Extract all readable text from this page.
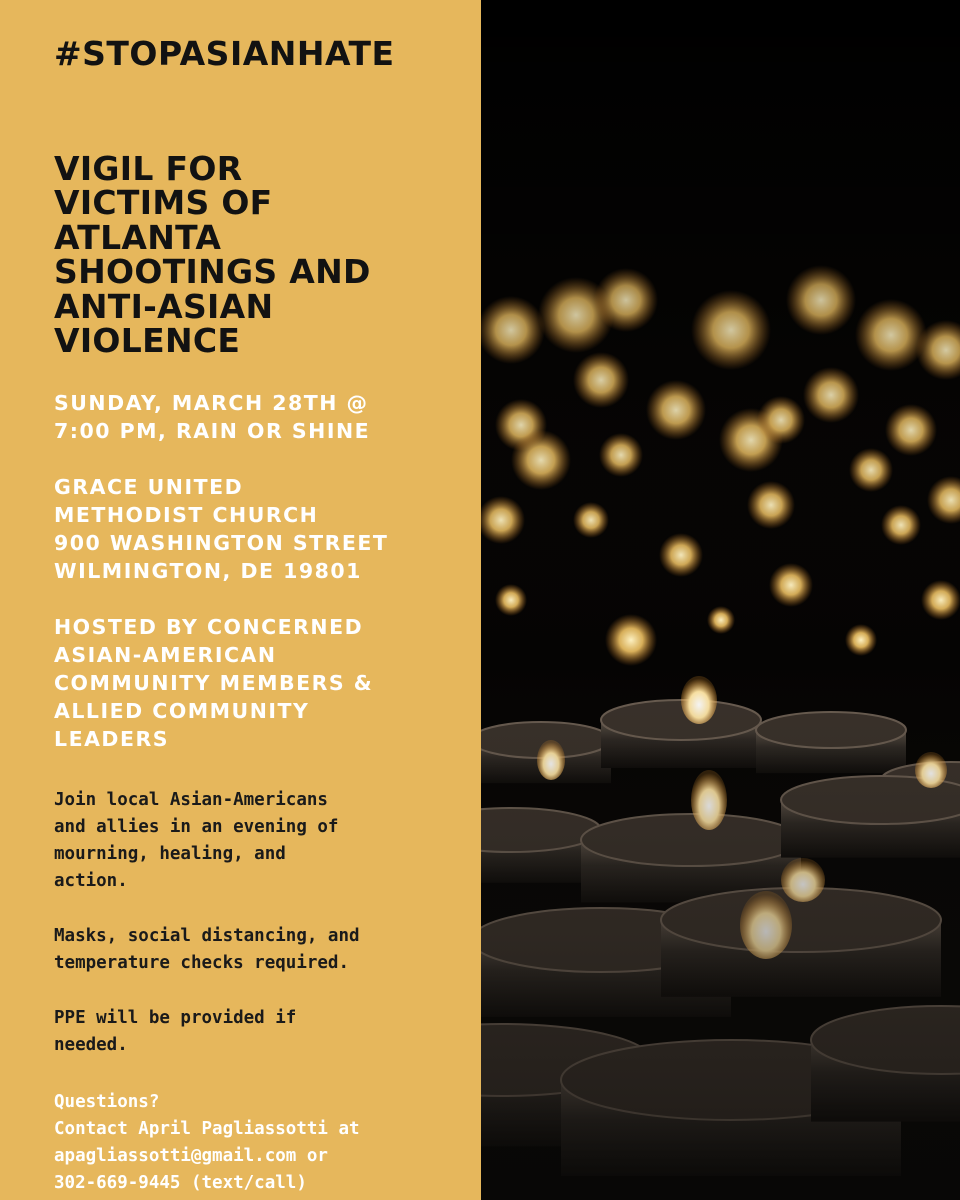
#STOPASIANHATE
VIGIL FOR
VICTIMS OF
ATLANTA
SHOOTINGS AND
ANTI-ASIAN
VIOLENCE
SUNDAY, MARCH 28TH @
7:00 PM, RAIN OR SHINE
GRACE UNITED
METHODIST CHURCH
900 WASHINGTON STREET
WILMINGTON, DE 19801
HOSTED BY CONCERNED
ASIAN-AMERICAN
COMMUNITY MEMBERS &
ALLIED COMMUNITY
LEADERS
Join local Asian-Americans
and allies in an evening of
mourning, healing, and
action.
Masks, social distancing, and
temperature checks required.
PPE will be provided if
needed.
Questions?
Contact April Pagliassotti at
apagliassotti@gmail.com or
302-669-9445 (text/call)
